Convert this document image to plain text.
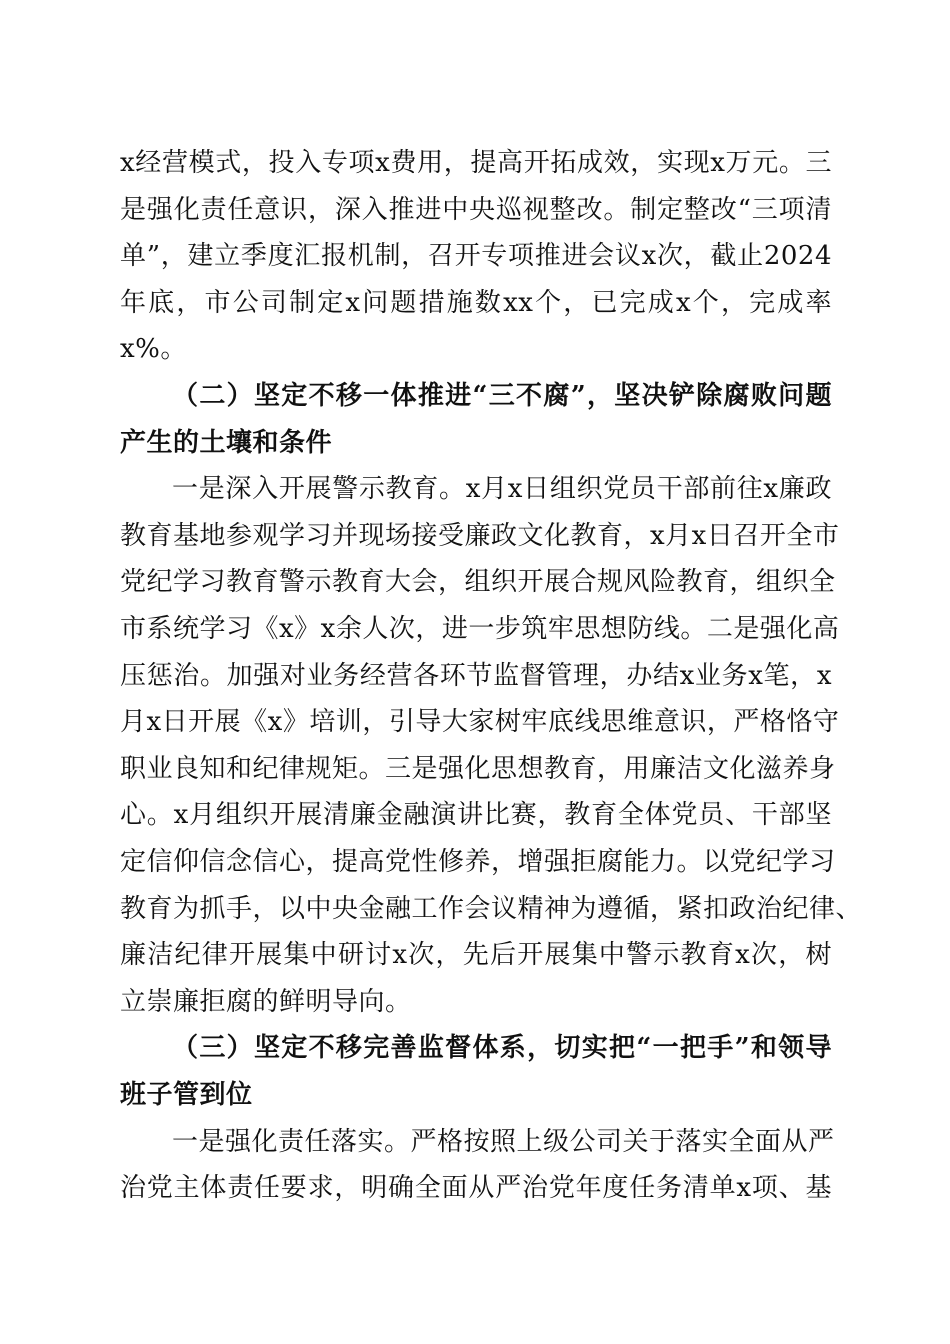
x经营模式，投入专项x费用，提高开拓成效，实现x万元。三
是强化责任意识，深入推进中央巡视整改。制定整改“三项清
单”，建立季度汇报机制，召开专项推进会议x次，截止2024
年底，市公司制定x问题措施数xx个，已完成x个，完成率
x%。
（二）坚定不移一体推进“三不腐”，坚决铲除腐败问题
产生的土壤和条件
一是深入开展警示教育。x月x日组织党员干部前往x廉政
教育基地参观学习并现场接受廉政文化教育，x月x日召开全市
党纪学习教育警示教育大会，组织开展合规风险教育，组织全
市系统学习《x》x余人次，进一步筑牢思想防线。二是强化高
压惩治。加强对业务经营各环节监督管理，办结x业务x笔，x
月x日开展《x》培训，引导大家树牢底线思维意识，严格恪守
职业良知和纪律规矩。三是强化思想教育，用廉洁文化滋养身
心。x月组织开展清廉金融演讲比赛，教育全体党员、干部坚
定信仰信念信心，提高党性修养，增强拒腐能力。以党纪学习
教育为抓手，以中央金融工作会议精神为遵循，紧扣政治纪律、
廉洁纪律开展集中研讨x次，先后开展集中警示教育x次，树
立崇廉拒腐的鲜明导向。
（三）坚定不移完善监督体系，切实把“一把手”和领导
班子管到位
一是强化责任落实。严格按照上级公司关于落实全面从严
治党主体责任要求，明确全面从严治党年度任务清单x项、基
